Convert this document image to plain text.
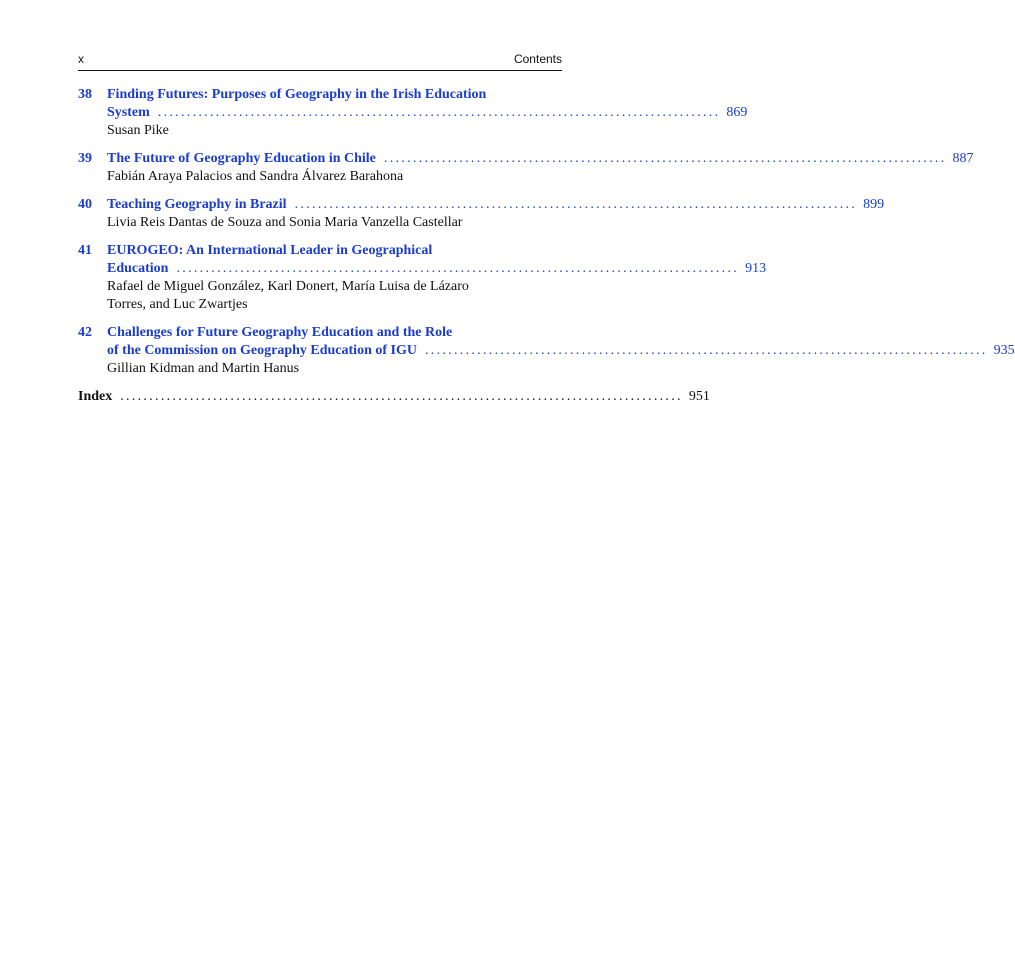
x	Contents
38	Finding Futures: Purposes of Geography in the Irish Education
System ................................................................................................. 869
Susan Pike
39	The Future of Geography Education in Chile ................................................................................................. 887
Fabián Araya Palacios and Sandra Álvarez Barahona
40	Teaching Geography in Brazil ................................................................................................. 899
Livia Reis Dantas de Souza and Sonia Maria Vanzella Castellar
41	EUROGEO: An International Leader in Geographical
Education ................................................................................................. 913
Rafael de Miguel González, Karl Donert, María Luisa de Lázaro
Torres, and Luc Zwartjes
42	Challenges for Future Geography Education and the Role
of the Commission on Geography Education of IGU ................................................................................................. 935
Gillian Kidman and Martin Hanus
Index ................................................................................................. 951
